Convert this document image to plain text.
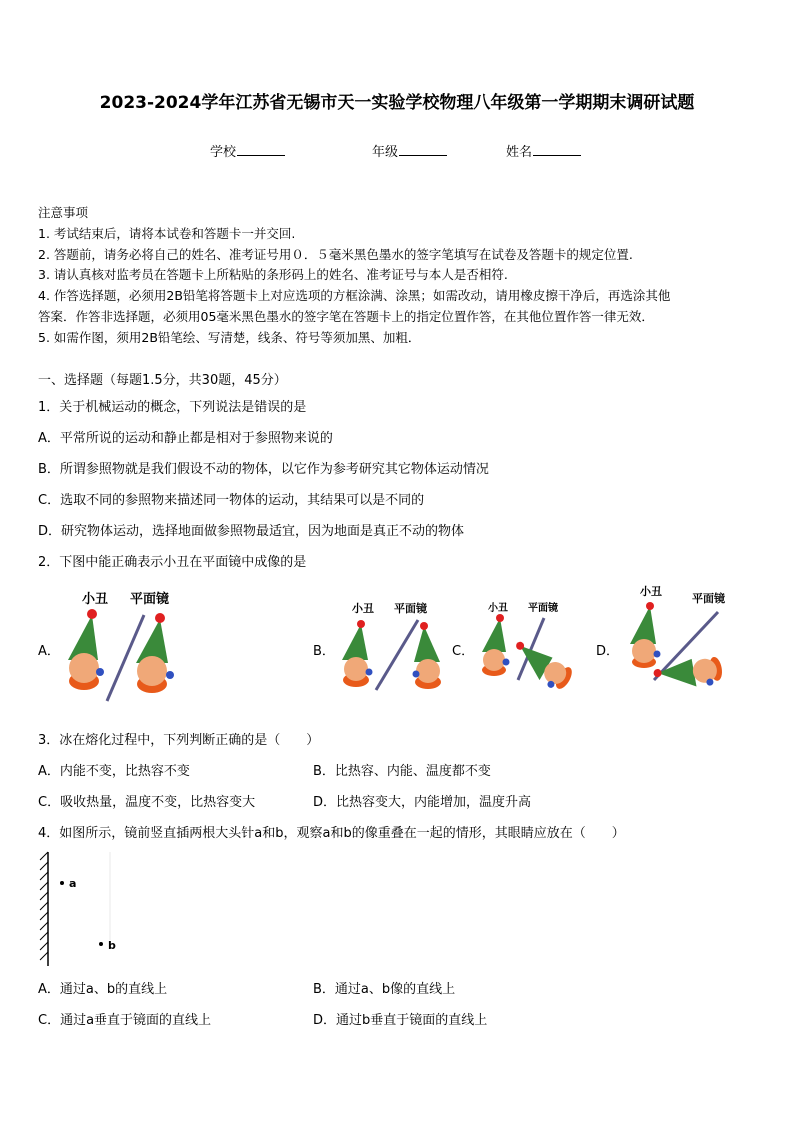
2023-2024学年江苏省无锡市天一实验学校物理八年级第一学期期末调研试题
学校	年级	姓名
注意事项
1. 考试结束后，请将本试卷和答题卡一并交回.
2. 答题前，请务必将自己的姓名、准考证号用０．５毫米黑色墨水的签字笔填写在试卷及答题卡的规定位置.
3. 请认真核对监考员在答题卡上所粘贴的条形码上的姓名、准考证号与本人是否相符.
4. 作答选择题，必须用2B铅笔将答题卡上对应选项的方框涂满、涂黑；如需改动，请用橡皮擦干净后，再选涂其他
答案．作答非选择题，必须用05毫米黑色墨水的签字笔在答题卡上的指定位置作答，在其他位置作答一律无效．
5. 如需作图，须用2B铅笔绘、写清楚，线条、符号等须加黑、加粗．
一、选择题（每题1.5分，共30题，45分）
1．关于机械运动的概念，下列说法是错误的是
A．平常所说的运动和静止都是相对于参照物来说的
B．所谓参照物就是我们假设不动的物体，以它作为参考研究其它物体运动情况
C．选取不同的参照物来描述同一物体的运动，其结果可以是不同的
D．研究物体运动，选择地面做参照物最适宜，因为地面是真正不动的物体
2．下图中能正确表示小丑在平面镜中成像的是
A．	B．	C．	D．
小丑 平面镜
小丑 平面镜	小丑 平面镜
小丑
平面镜
3．冰在熔化过程中，下列判断正确的是（　　）
A．内能不变，比热容不变	B．比热容、内能、温度都不变
C．吸收热量，温度不变，比热容变大	D．比热容变大，内能增加，温度升高
4．如图所示，镜前竖直插两根大头针a和b，观察a和b的像重叠在一起的情形，其眼睛应放在（　　）
a
b
A．通过a、b的直线上	B．通过a、b像的直线上
C．通过a垂直于镜面的直线上	D．通过b垂直于镜面的直线上
